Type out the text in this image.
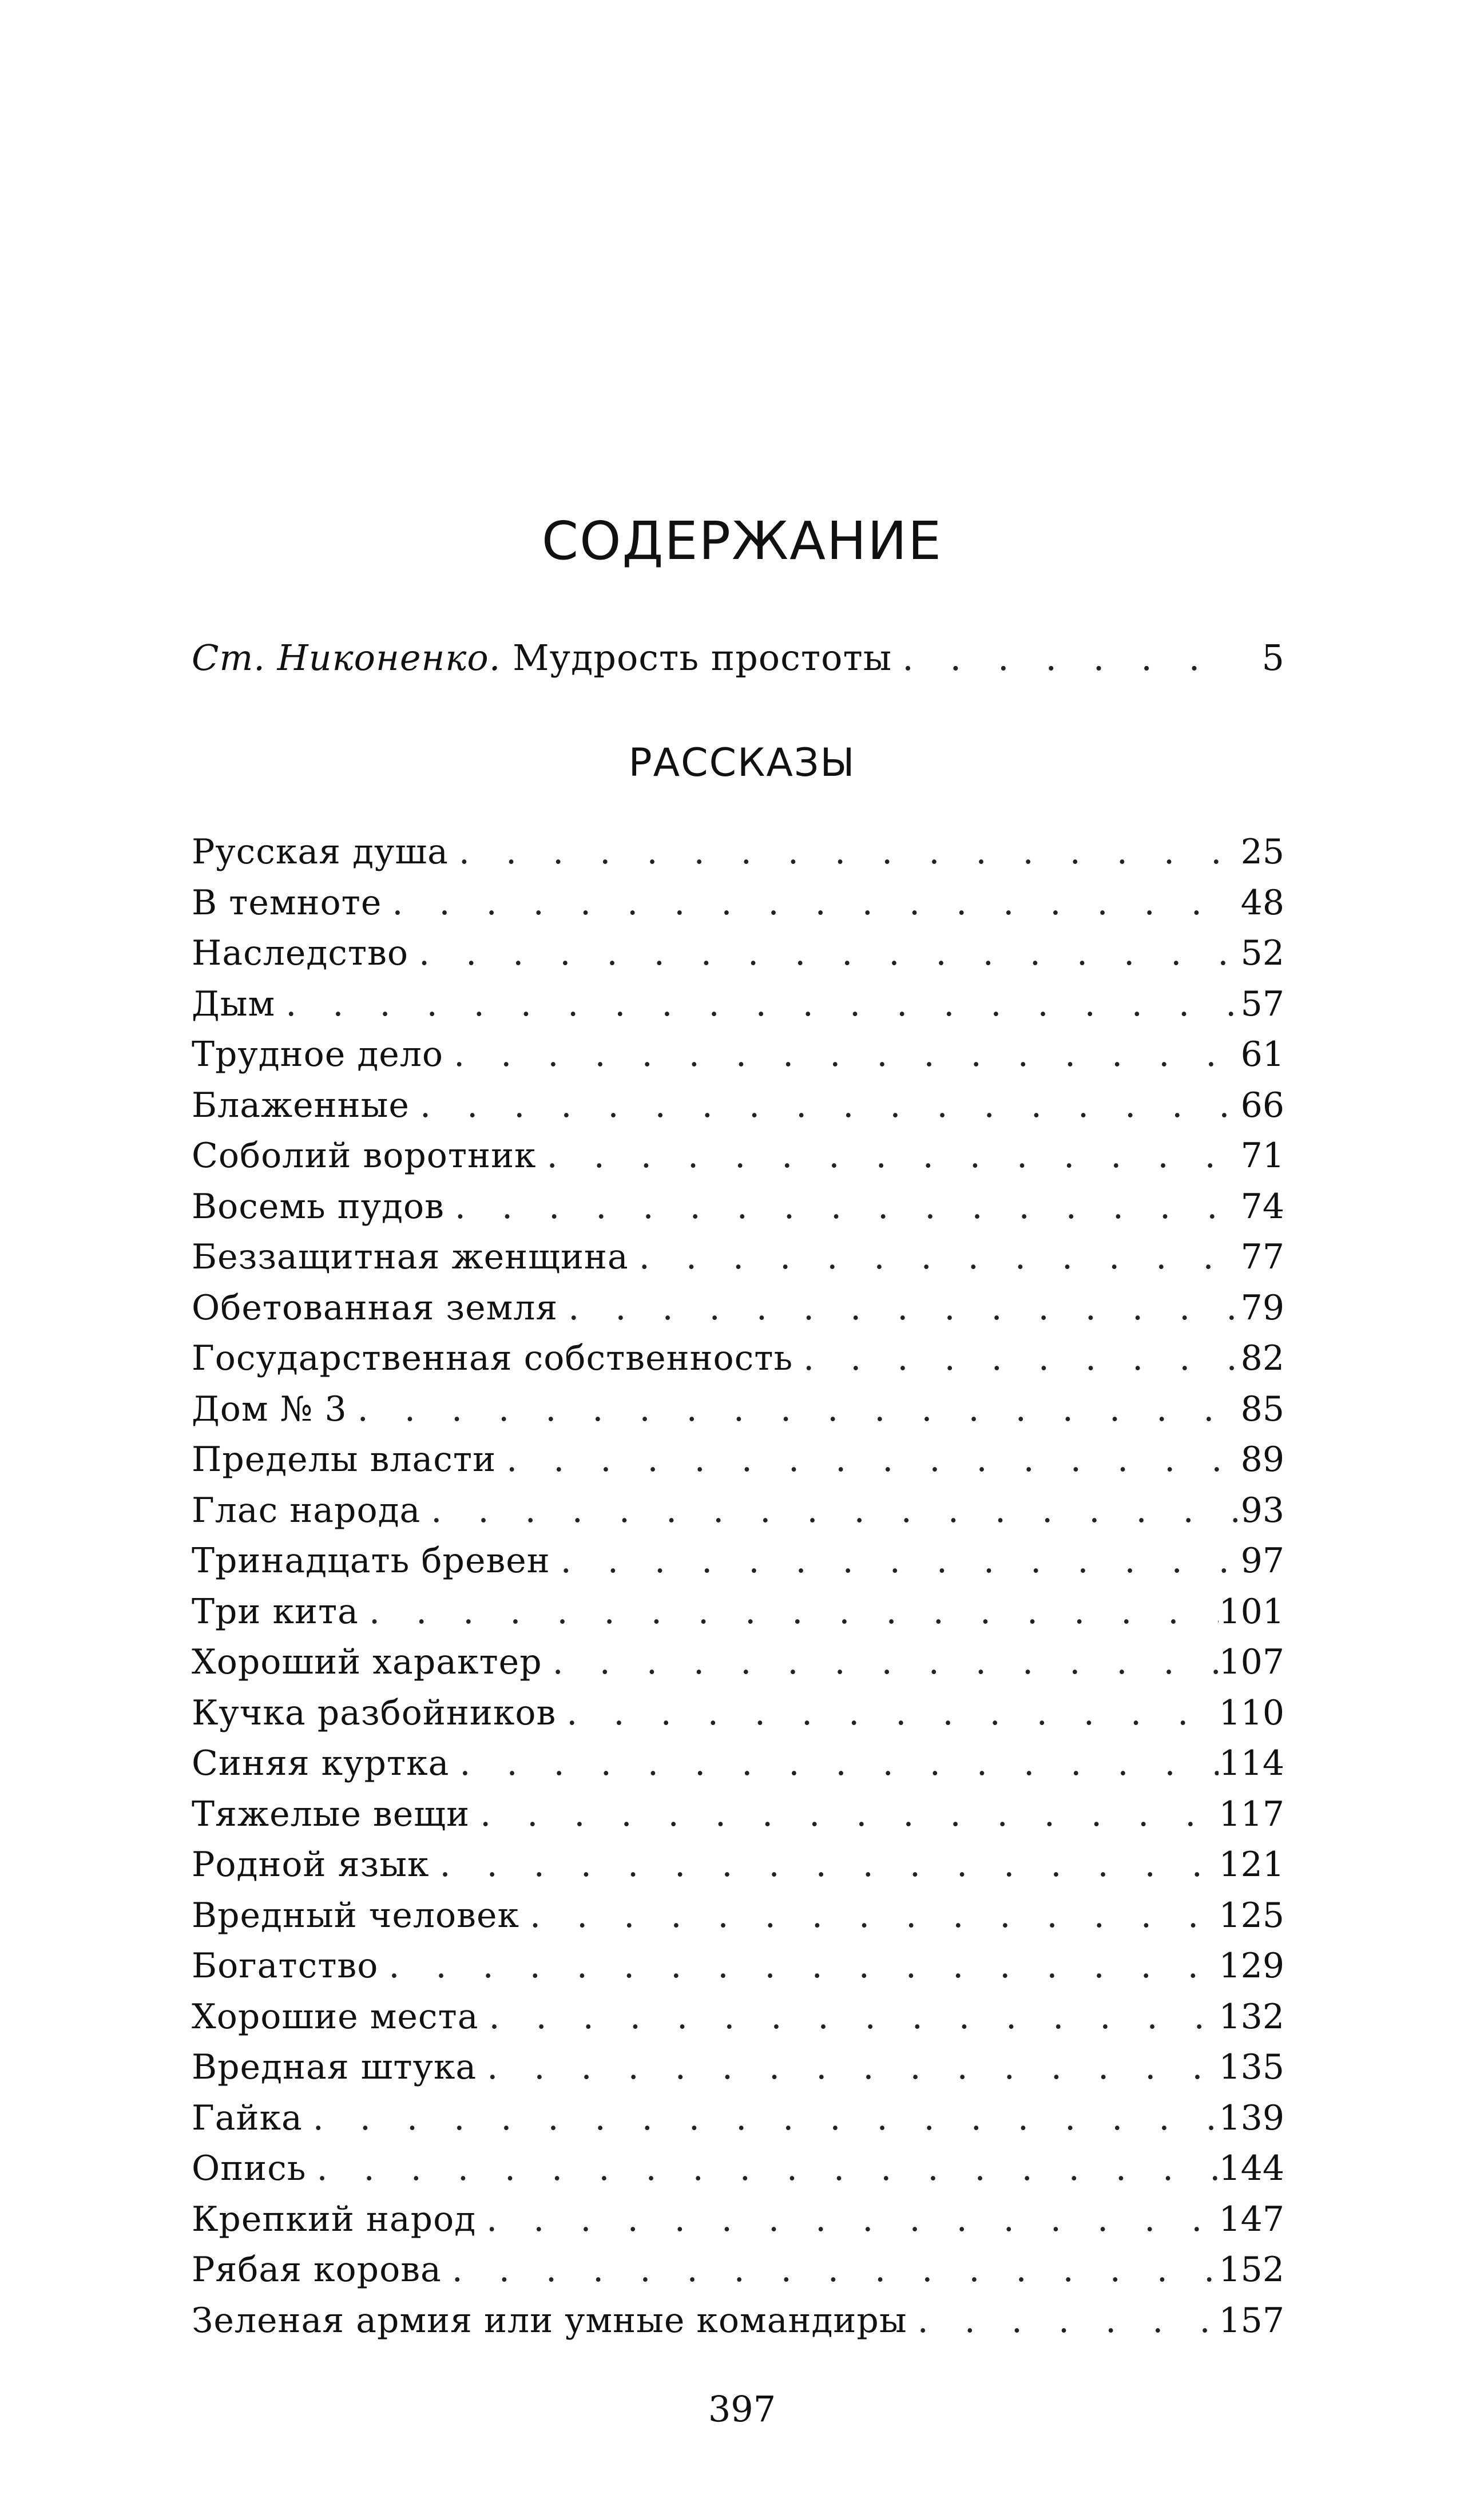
СОДЕРЖАНИЕ
Ст. Никоненко. Мудрость простоты . . .	5
РАССКАЗЫ
Русская душа . . .	25
В темноте . . .	48
Наследство . . .	52
Дым . . .	57
Трудное дело . . .	61
Блаженные . . .	66
Соболий воротник . . .	71
Восемь пудов . . .	74
Беззащитная женщина . . .	77
Обетованная земля . . .	79
Государственная собственность . . .	82
Дом № 3 . . .	85
Пределы власти . . .	89
Глас народа . . .	93
Тринадцать бревен . . .	97
Три кита . . .	101
Хороший характер . . .	107
Кучка разбойников . . .	110
Синяя куртка . . .	114
Тяжелые вещи . . .	117
Родной язык . . .	121
Вредный человек . . .	125
Богатство . . .	129
Хорошие места . . .	132
Вредная штука . . .	135
Гайка . . .	139
Опись . . .	144
Крепкий народ . . .	147
Рябая корова . . .	152
Зеленая армия или умные командиры . . .	157
397
